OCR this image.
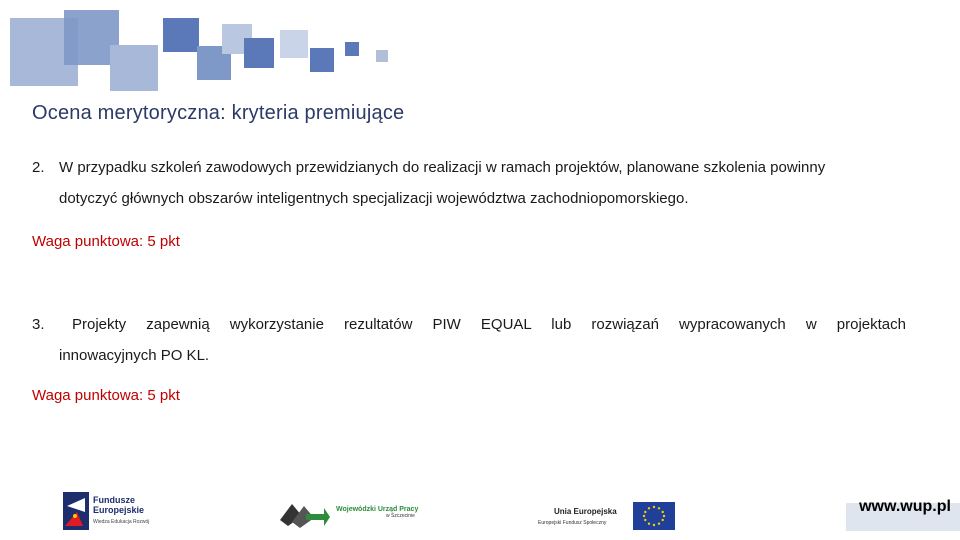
Ocena merytoryczna: kryteria premiujące
2. W przypadku szkoleń zawodowych przewidzianych do realizacji w ramach projektów, planowane szkolenia powinny
dotyczyć głównych obszarów inteligentnych specjalizacji województwa zachodniopomorskiego.
Waga punktowa: 5 pkt
3.	Projekty zapewnią wykorzystanie rezultatów PIW EQUAL lub rozwiązań wypracowanych w projektach
innowacyjnych PO KL.
Waga punktowa: 5 pkt
Fundusze
Europejskie
Wiedza Edukacja Rozwój
Wojewódzki Urząd Pracy
w Szczecinie	Unia Europejska
Europejski Fundusz Społeczny
www.wup.pl
